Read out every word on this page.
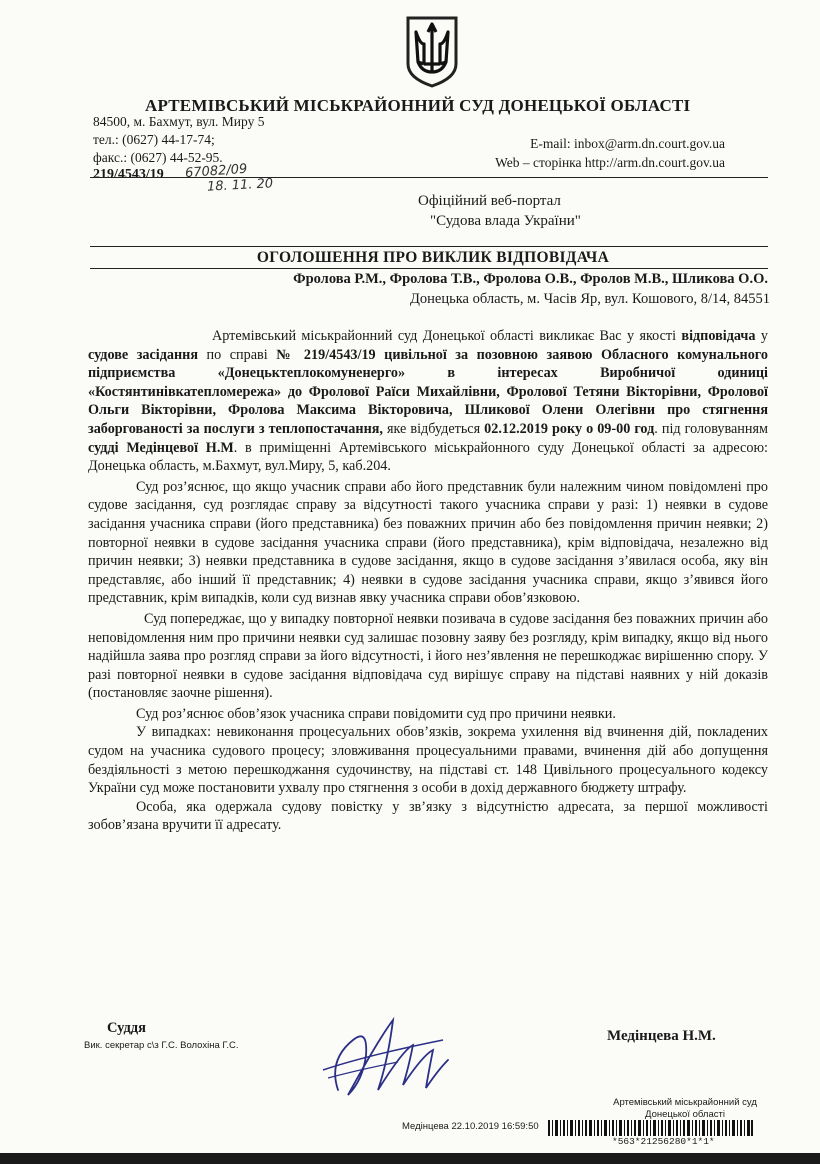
АРТЕМІВСЬКИЙ МІСЬКРАЙОННИЙ СУД ДОНЕЦЬКОЇ ОБЛАСТІ
84500, м. Бахмут, вул. Миру 5
тел.: (0627) 44-17-74;
факс.: (0627) 44-52-95.
E-mail: inbox@arm.dn.court.gov.ua
Web – сторінка http://arm.dn.court.gov.ua
219/4543/19 67082/09
18. 11. 20
Офіційний веб-портал
"Судова влада України"
ОГОЛОШЕННЯ ПРО ВИКЛИК ВІДПОВІДАЧА
Фролова Р.М., Фролова Т.В., Фролова О.В., Фролов М.В., Шликова О.О.
Донецька область, м. Часів Яр, вул. Кошового, 8/14, 84551

Артемівський міськрайонний суд Донецької області викликає Вас у якості відповідача у судове засідання по справі № 219/4543/19 цивільної за позовною заявою Обласного комунального підприємства «Донецьктеплокомуненерго» в інтересах Виробничої одиниці «Костянтинівкатепломережа» до Фролової Раїси Михайлівни, Фролової Тетяни Вікторівни, Фролової Ольги Вікторівни, Фролова Максима Вікторовича, Шликової Олени Олегівни про стягнення заборгованості за послуги з теплопостачання, яке відбудеться 02.12.2019 року о 09-00 год. під головуванням судді Медінцевої Н.М. в приміщенні Артемівського міськрайонного суду Донецької області за адресою: Донецька область, м.Бахмут, вул.Миру, 5, каб.204.

Суд роз’яснює, що якщо учасник справи або його представник були належним чином повідомлені про судове засідання, суд розглядає справу за відсутності такого учасника справи у разі: 1) неявки в судове засідання учасника справи (його представника) без поважних причин або без повідомлення причин неявки; 2) повторної неявки в судове засідання учасника справи (його представника), крім відповідача, незалежно від причин неявки; 3) неявки представника в судове засідання, якщо в судове засідання з’явилася особа, яку він представляє, або інший її представник; 4) неявки в судове засідання учасника справи, якщо з’явився його представник, крім випадків, коли суд визнав явку учасника справи обов’язковою.

Суд попереджає, що у випадку повторної неявки позивача в судове засідання без поважних причин або неповідомлення ним про причини неявки суд залишає позовну заяву без розгляду, крім випадку, якщо від нього надійшла заява про розгляд справи за його відсутності, і його нез’явлення не перешкоджає вирішенню спору. У разі повторної неявки в судове засідання відповідача суд вирішує справу на підставі наявних у ній доказів (постановляє заочне рішення).

Суд роз’яснює обов’язок учасника справи повідомити суд про причини неявки.

У випадках: невиконання процесуальних обов’язків, зокрема ухилення від вчинення дій, покладених судом на учасника судового процесу; зловживання процесуальними правами, вчинення дій або допущення бездіяльності з метою перешкоджання судочинству, на підставі ст. 148 Цивільного процесуального кодексу України суд може постановити ухвалу про стягнення з особи в дохід державного бюджету штрафу.

Особа, яка одержала судову повістку у зв’язку з відсутністю адресата, за першої можливості зобов’язана вручити її адресату.

Суддя
Вик. секретар с\з Г.С. Волохіна Г.С.
Медінцева Н.М.
Артемівський міськрайонний суд
Донецької області
Медінцева 22.10.2019 16:59:50
*563*21256280*1*1*
